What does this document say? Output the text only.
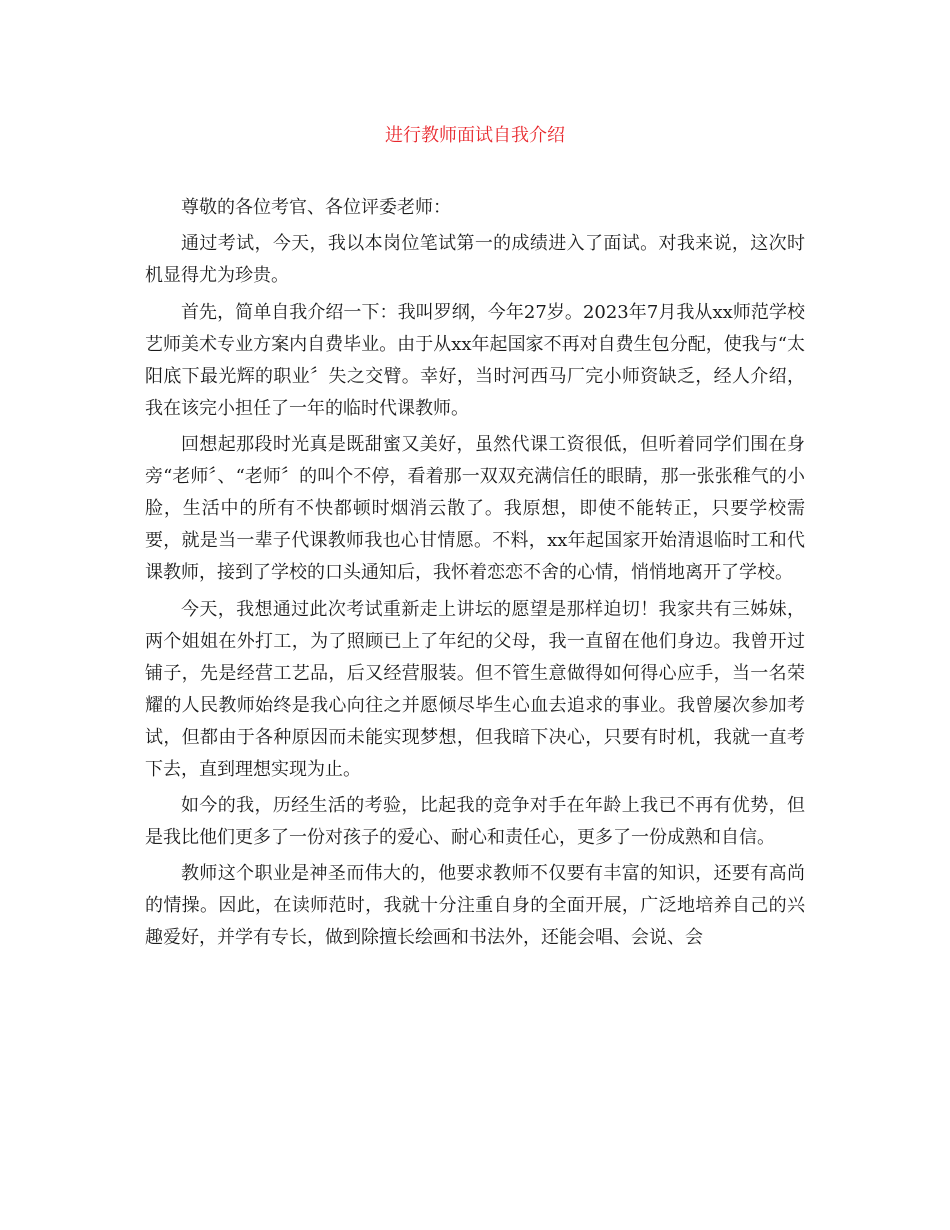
进行教师面试自我介绍

尊敬的各位考官、各位评委老师：

通过考试，今天，我以本岗位笔试第一的成绩进入了面试。对我来说，这次时机显得尤为珍贵。

首先，简单自我介绍一下：我叫罗纲，今年27岁。2023年7月我从xx师范学校艺师美术专业方案内自费毕业。由于从xx年起国家不再对自费生包分配，使我与“太阳底下最光辉的职业〞失之交臂。幸好，当时河西马厂完小师资缺乏，经人介绍，我在该完小担任了一年的临时代课教师。

回想起那段时光真是既甜蜜又美好，虽然代课工资很低，但听着同学们围在身旁“老师〞、“老师〞的叫个不停，看着那一双双充满信任的眼睛，那一张张稚气的小脸，生活中的所有不快都顿时烟消云散了。我原想，即使不能转正，只要学校需要，就是当一辈子代课教师我也心甘情愿。不料，xx年起国家开始清退临时工和代课教师，接到了学校的口头通知后，我怀着恋恋不舍的心情，悄悄地离开了学校。

今天，我想通过此次考试重新走上讲坛的愿望是那样迫切！我家共有三姊妹，两个姐姐在外打工，为了照顾已上了年纪的父母，我一直留在他们身边。我曾开过铺子，先是经营工艺品，后又经营服装。但不管生意做得如何得心应手，当一名荣耀的人民教师始终是我心向往之并愿倾尽毕生心血去追求的事业。我曾屡次参加考试，但都由于各种原因而未能实现梦想，但我暗下决心，只要有时机，我就一直考下去，直到理想实现为止。

如今的我，历经生活的考验，比起我的竞争对手在年龄上我已不再有优势，但是我比他们更多了一份对孩子的爱心、耐心和责任心，更多了一份成熟和自信。

教师这个职业是神圣而伟大的，他要求教师不仅要有丰富的知识，还要有高尚的情操。因此，在读师范时，我就十分注重自身的全面开展，广泛地培养自己的兴趣爱好，并学有专长，做到除擅长绘画和书法外，还能会唱、会说、会
